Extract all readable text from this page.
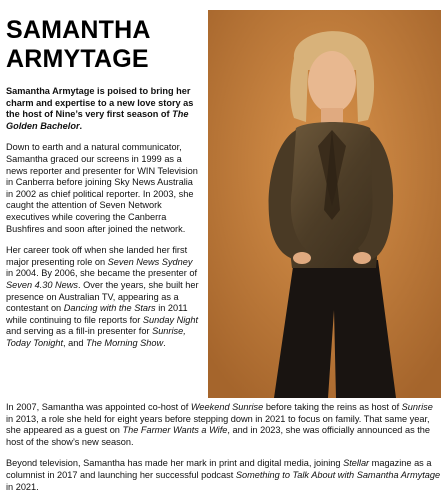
SAMANTHA
ARMYTAGE

Samantha Armytage is poised to bring her charm and expertise to a new love story as the host of Nine’s very first season of The Golden Bachelor.

Down to earth and a natural communicator, Samantha graced our screens in 1999 as a news reporter and presenter for WIN Television in Canberra before joining Sky News Australia in 2002 as chief political reporter. In 2003, she caught the attention of Seven Network executives while covering the Canberra Bushfires and soon after joined the network.

Her career took off when she landed her first major presenting role on Seven News Sydney in 2004. By 2006, she became the presenter of Seven 4.30 News. Over the years, she built her presence on Australian TV, appearing as a contestant on Dancing with the Stars in 2011 while continuing to file reports for Sunday Night and serving as a fill-in presenter for Sunrise, Today Tonight, and The Morning Show.

In 2007, Samantha was appointed co-host of Weekend Sunrise before taking the reins as host of Sunrise in 2013, a role she held for eight years before stepping down in 2021 to focus on family. That same year, she appeared as a guest on The Farmer Wants a Wife, and in 2023, she was officially announced as the host of the show’s new season.

Beyond television, Samantha has made her mark in print and digital media, joining Stellar magazine as a columnist in 2017 and launching her successful podcast Something to Talk About with Samantha Armytage in 2021.
